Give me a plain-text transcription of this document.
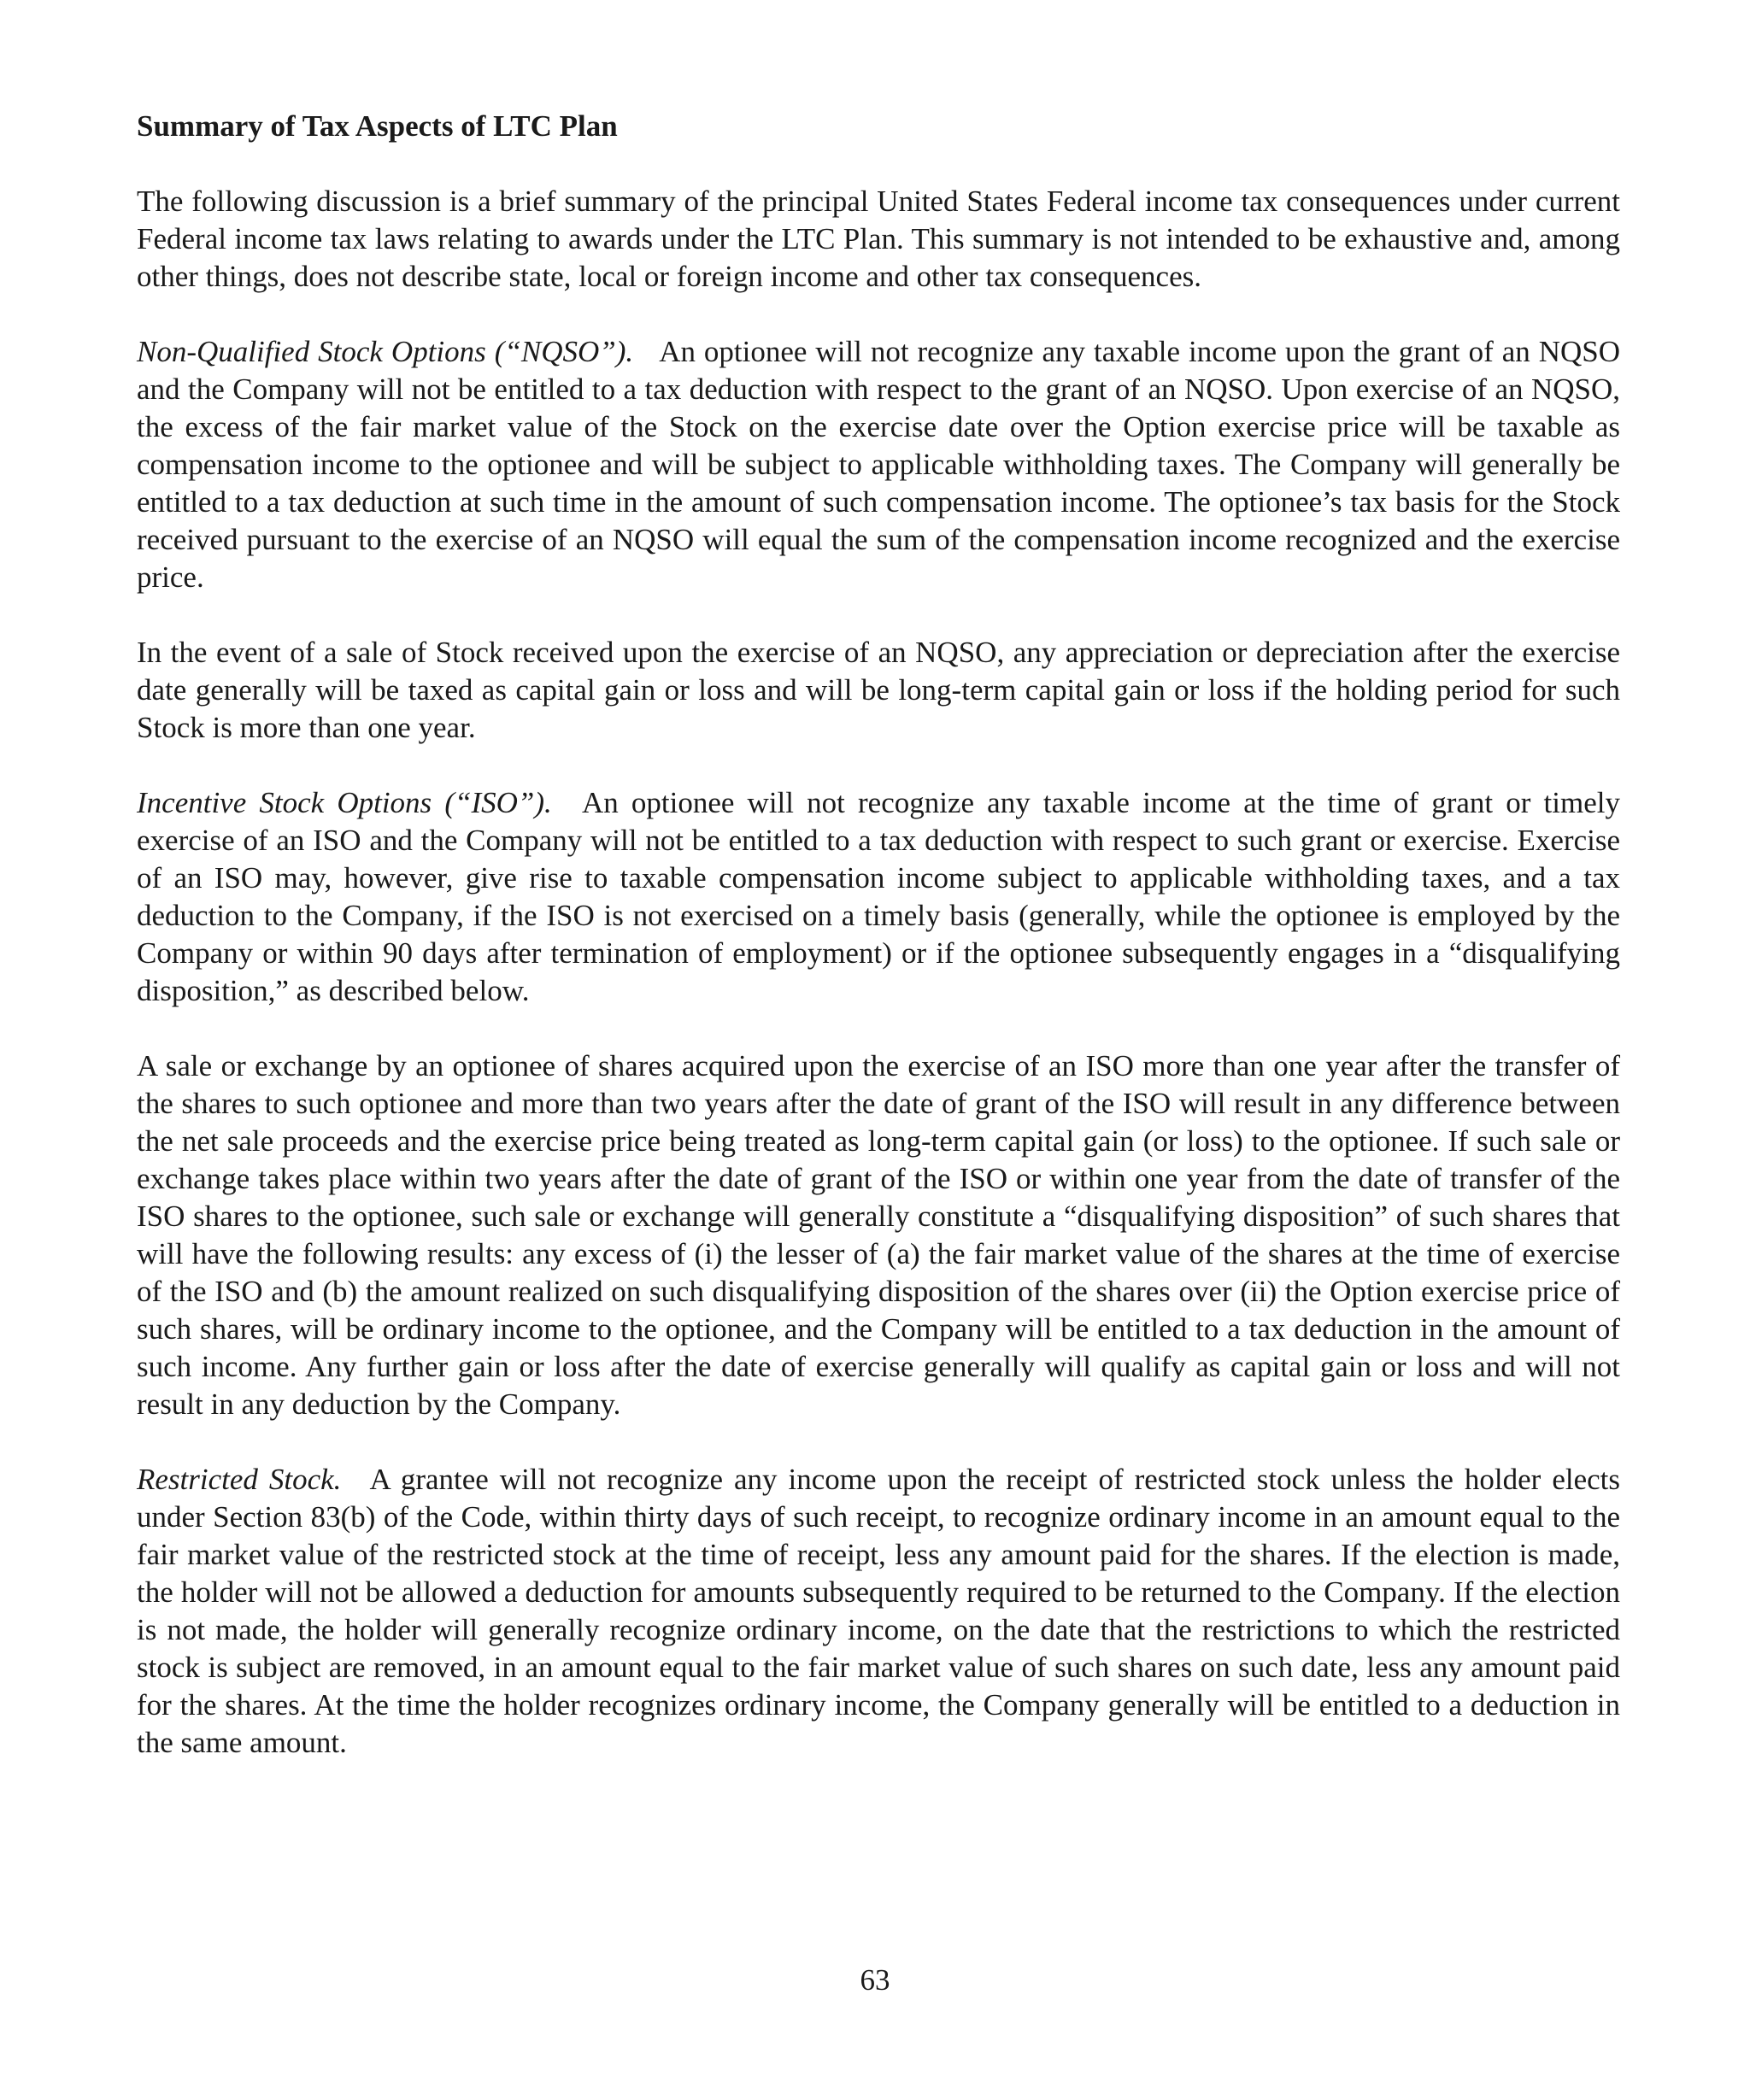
Summary of Tax Aspects of LTC Plan

The following discussion is a brief summary of the principal United States Federal income tax consequences under current Federal income tax laws relating to awards under the LTC Plan. This summary is not intended to be exhaustive and, among other things, does not describe state, local or foreign income and other tax consequences.

Non-Qualified Stock Options (“NQSO”). An optionee will not recognize any taxable income upon the grant of an NQSO and the Company will not be entitled to a tax deduction with respect to the grant of an NQSO. Upon exercise of an NQSO, the excess of the fair market value of the Stock on the exercise date over the Option exercise price will be taxable as compensation income to the optionee and will be subject to applicable withholding taxes. The Company will generally be entitled to a tax deduction at such time in the amount of such compensation income. The optionee’s tax basis for the Stock received pursuant to the exercise of an NQSO will equal the sum of the compensation income recognized and the exercise price.

In the event of a sale of Stock received upon the exercise of an NQSO, any appreciation or depreciation after the exercise date generally will be taxed as capital gain or loss and will be long-term capital gain or loss if the holding period for such Stock is more than one year.

Incentive Stock Options (“ISO”). An optionee will not recognize any taxable income at the time of grant or timely exercise of an ISO and the Company will not be entitled to a tax deduction with respect to such grant or exercise. Exercise of an ISO may, however, give rise to taxable compensation income subject to applicable withholding taxes, and a tax deduction to the Company, if the ISO is not exercised on a timely basis (generally, while the optionee is employed by the Company or within 90 days after termination of employment) or if the optionee subsequently engages in a “disqualifying disposition,” as described below.

A sale or exchange by an optionee of shares acquired upon the exercise of an ISO more than one year after the transfer of the shares to such optionee and more than two years after the date of grant of the ISO will result in any difference between the net sale proceeds and the exercise price being treated as long-term capital gain (or loss) to the optionee. If such sale or exchange takes place within two years after the date of grant of the ISO or within one year from the date of transfer of the ISO shares to the optionee, such sale or exchange will generally constitute a “disqualifying disposition” of such shares that will have the following results: any excess of (i) the lesser of (a) the fair market value of the shares at the time of exercise of the ISO and (b) the amount realized on such disqualifying disposition of the shares over (ii) the Option exercise price of such shares, will be ordinary income to the optionee, and the Company will be entitled to a tax deduction in the amount of such income. Any further gain or loss after the date of exercise generally will qualify as capital gain or loss and will not result in any deduction by the Company.

Restricted Stock. A grantee will not recognize any income upon the receipt of restricted stock unless the holder elects under Section 83(b) of the Code, within thirty days of such receipt, to recognize ordinary income in an amount equal to the fair market value of the restricted stock at the time of receipt, less any amount paid for the shares. If the election is made, the holder will not be allowed a deduction for amounts subsequently required to be returned to the Company. If the election is not made, the holder will generally recognize ordinary income, on the date that the restrictions to which the restricted stock is subject are removed, in an amount equal to the fair market value of such shares on such date, less any amount paid for the shares. At the time the holder recognizes ordinary income, the Company generally will be entitled to a deduction in the same amount.

63
